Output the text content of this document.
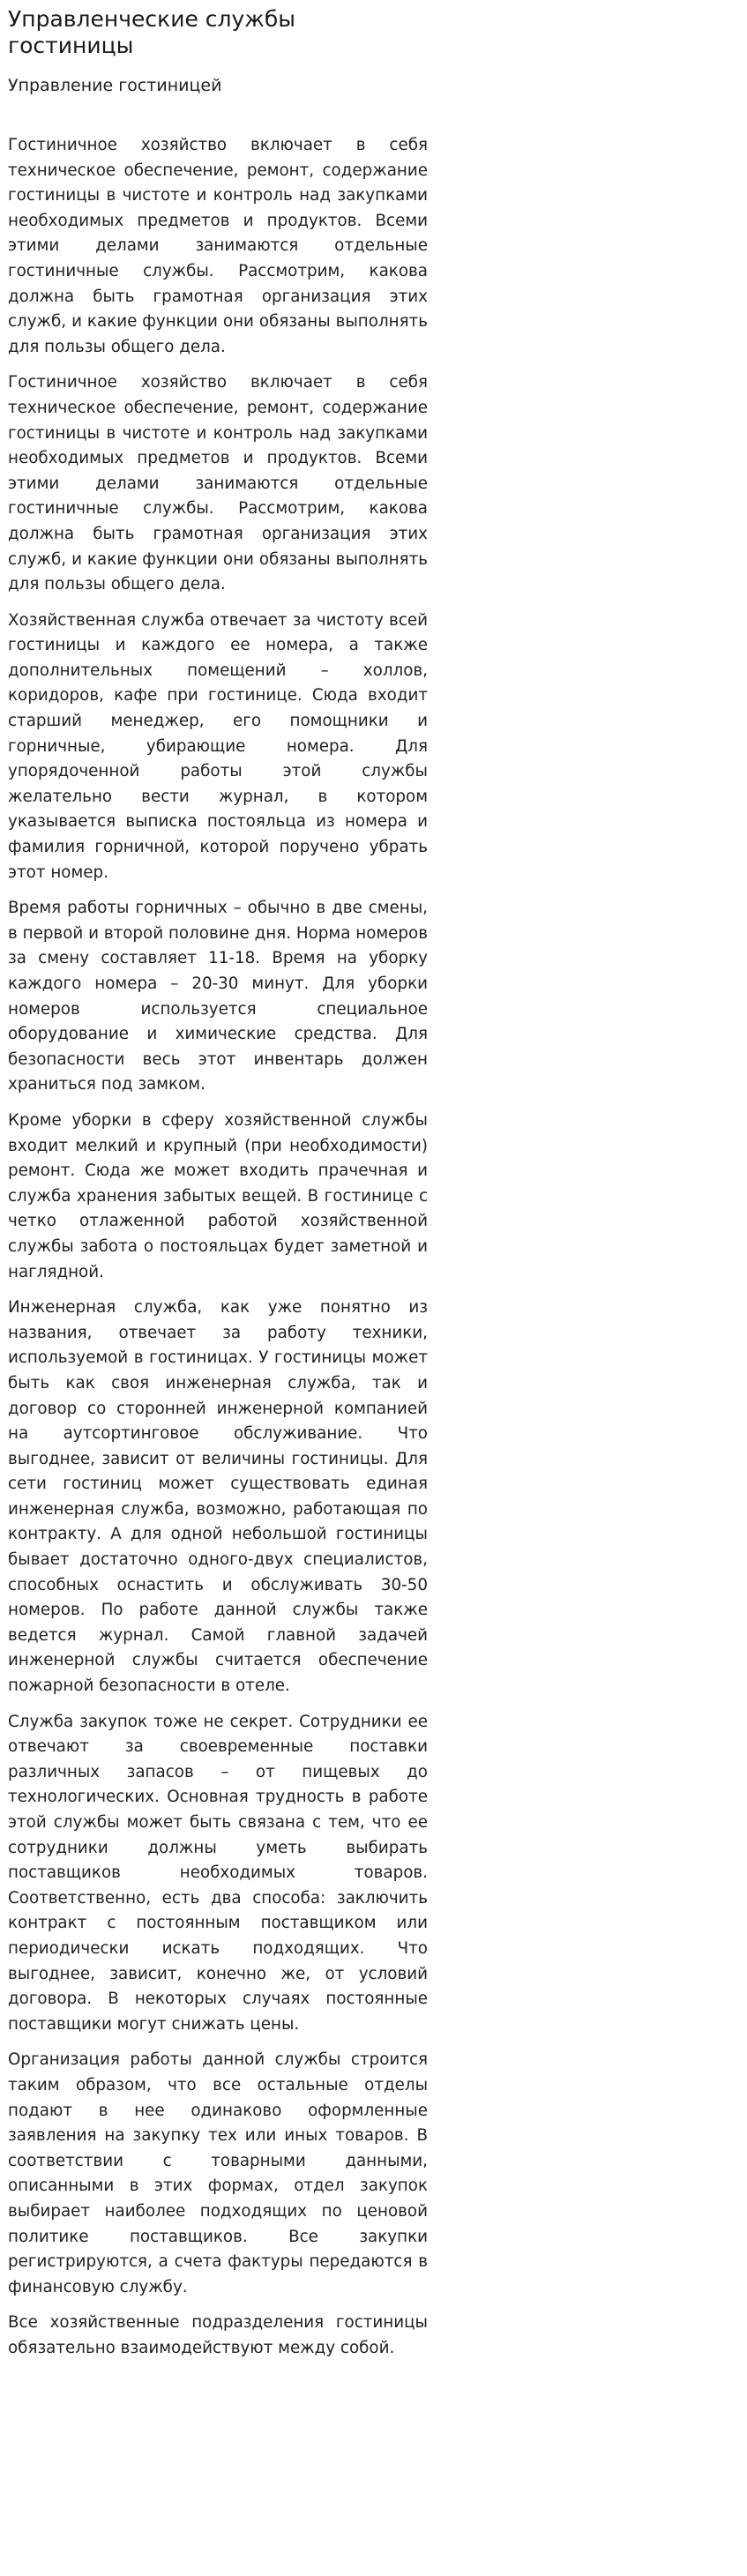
Управленческие службы гостиницы
Управление гостиницей

Гостиничное хозяйство включает в себя техническое обеспечение, ремонт, содержание гостиницы в чистоте и контроль над закупками необходимых предметов и продуктов. Всеми этими делами занимаются отдельные гостиничные службы. Рассмотрим, какова должна быть грамотная организация этих служб, и какие функции они обязаны выполнять для пользы общего дела.

Гостиничное хозяйство включает в себя техническое обеспечение, ремонт, содержание гостиницы в чистоте и контроль над закупками необходимых предметов и продуктов. Всеми этими делами занимаются отдельные гостиничные службы. Рассмотрим, какова должна быть грамотная организация этих служб, и какие функции они обязаны выполнять для пользы общего дела.

Хозяйственная служба отвечает за чистоту всей гостиницы и каждого ее номера, а также дополнительных помещений – холлов, коридоров, кафе при гостинице. Сюда входит старший менеджер, его помощники и горничные, убирающие номера. Для упорядоченной работы этой службы желательно вести журнал, в котором указывается выписка постояльца из номера и фамилия горничной, которой поручено убрать этот номер.

Время работы горничных – обычно в две смены, в первой и второй половине дня. Норма номеров за смену составляет 11-18. Время на уборку каждого номера – 20-30 минут. Для уборки номеров используется специальное оборудование и химические средства. Для безопасности весь этот инвентарь должен храниться под замком.

Кроме уборки в сферу хозяйственной службы входит мелкий и крупный (при необходимости) ремонт. Сюда же может входить прачечная и служба хранения забытых вещей. В гостинице с четко отлаженной работой хозяйственной службы забота о постояльцах будет заметной и наглядной.

Инженерная служба, как уже понятно из названия, отвечает за работу техники, используемой в гостиницах. У гостиницы может быть как своя инженерная служба, так и договор со сторонней инженерной компанией на аутсортинговое обслуживание. Что выгоднее, зависит от величины гостиницы. Для сети гостиниц может существовать единая инженерная служба, возможно, работающая по контракту. А для одной небольшой гостиницы бывает достаточно одного-двух специалистов, способных оснастить и обслуживать 30-50 номеров. По работе данной службы также ведется журнал. Самой главной задачей инженерной службы считается обеспечение пожарной безопасности в отеле.

Служба закупок тоже не секрет. Сотрудники ее отвечают за своевременные поставки различных запасов – от пищевых до технологических. Основная трудность в работе этой службы может быть связана с тем, что ее сотрудники должны уметь выбирать поставщиков необходимых товаров. Соответственно, есть два способа: заключить контракт с постоянным поставщиком или периодически искать подходящих. Что выгоднее, зависит, конечно же, от условий договора. В некоторых случаях постоянные поставщики могут снижать цены.

Организация работы данной службы строится таким образом, что все остальные отделы подают в нее одинаково оформленные заявления на закупку тех или иных товаров. В соответствии с товарными данными, описанными в этих формах, отдел закупок выбирает наиболее подходящих по ценовой политике поставщиков. Все закупки регистрируются, а счета фактуры передаются в финансовую службу.

Все хозяйственные подразделения гостиницы обязательно взаимодействуют между собой.
